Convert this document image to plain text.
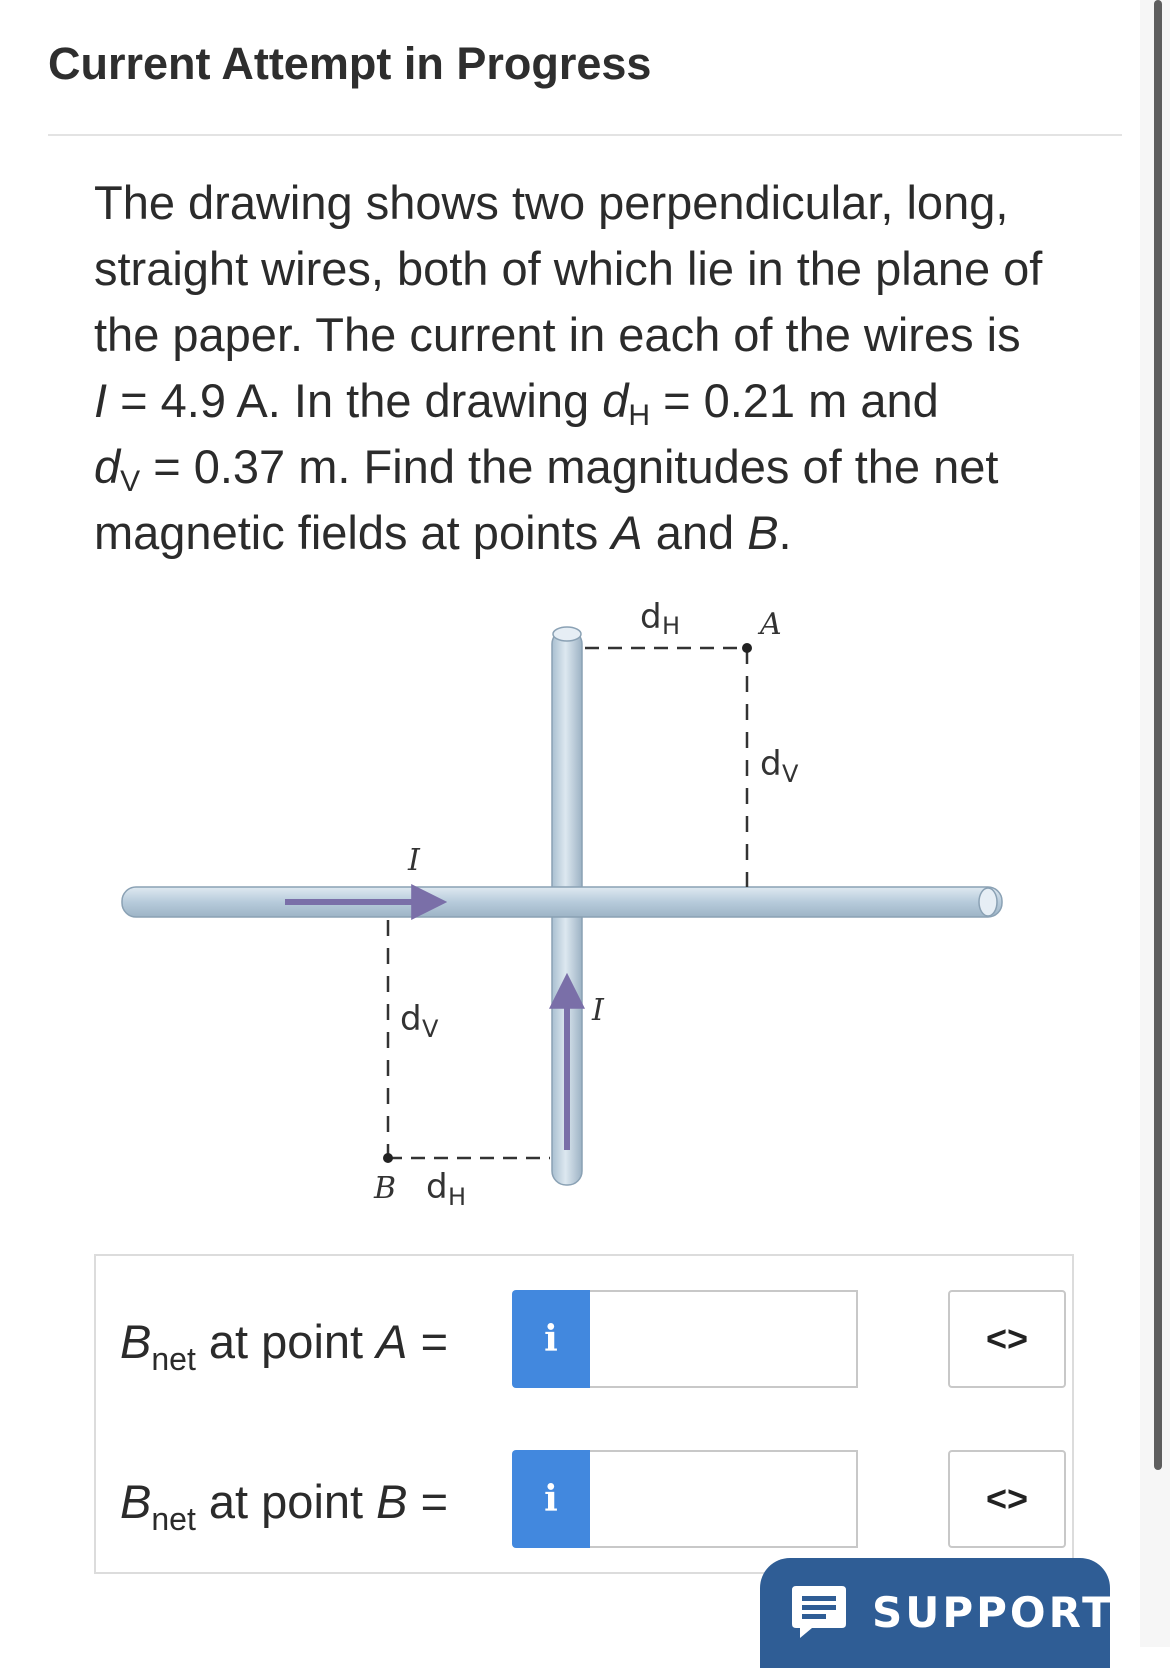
Current Attempt in Progress

The drawing shows two perpendicular, long, straight wires, both of which lie in the plane of the paper. The current in each of the wires is
I = 4.9 A. In the drawing $d_H = 0.21$ m and
$d_V = 0.37$ m. Find the magnitudes of the net magnetic fields at points A and B.

A
B
I
I
d H
d V
d V
d H
$B_{net}$ at point A =	i	<>
$B_{net}$ at point B =	i	<>
SUPPORT
